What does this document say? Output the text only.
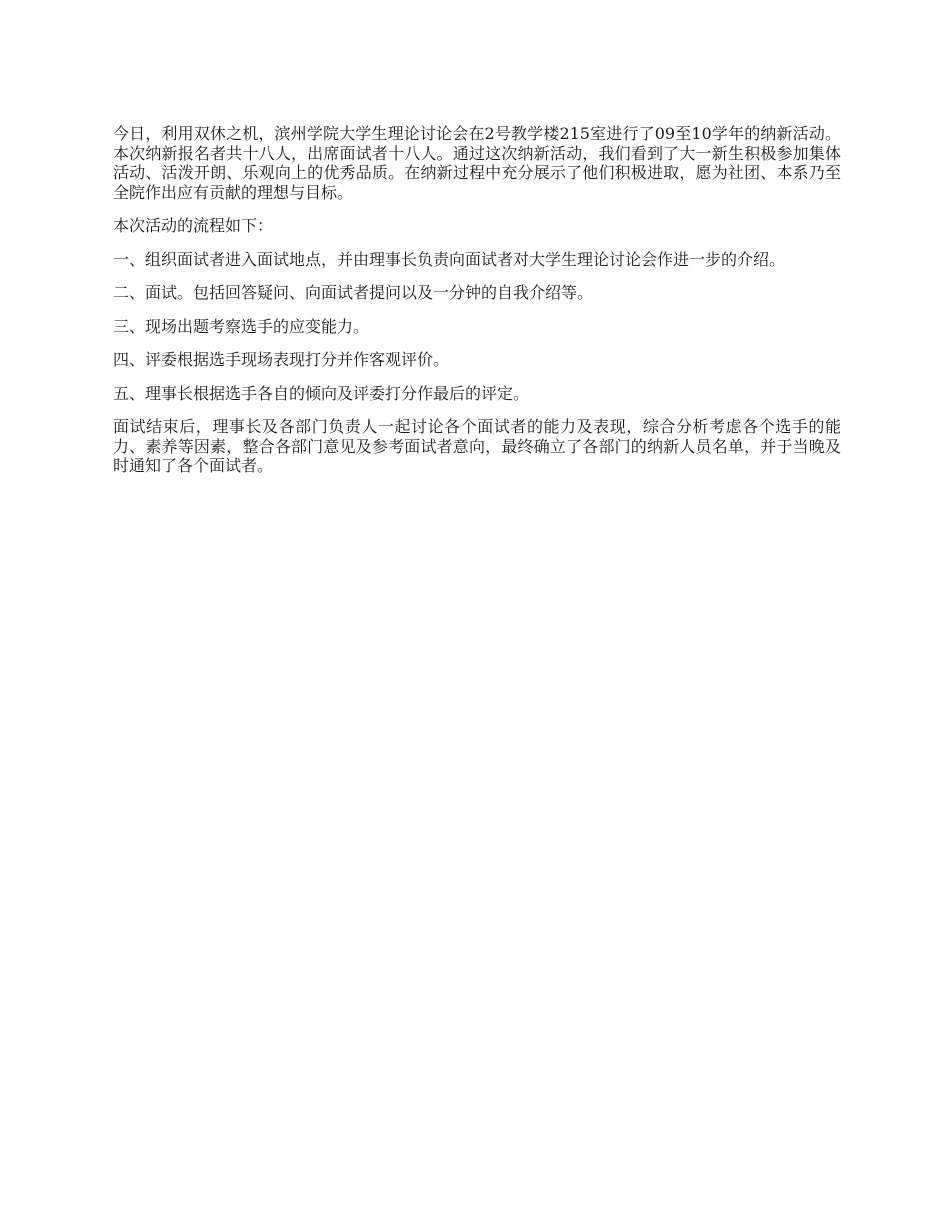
今日，利用双休之机，滨州学院大学生理论讨论会在2号教学楼215室进行了09至10学年的纳新活动。本次纳新报名者共十八人，出席面试者十八人。通过这次纳新活动，我们看到了大一新生积极参加集体活动、活泼开朗、乐观向上的优秀品质。在纳新过程中充分展示了他们积极进取，愿为社团、本系乃至全院作出应有贡献的理想与目标。

本次活动的流程如下：

一、组织面试者进入面试地点，并由理事长负责向面试者对大学生理论讨论会作进一步的介绍。

二、面试。包括回答疑问、向面试者提问以及一分钟的自我介绍等。

三、现场出题考察选手的应变能力。

四、评委根据选手现场表现打分并作客观评价。

五、理事长根据选手各自的倾向及评委打分作最后的评定。

面试结束后，理事长及各部门负责人一起讨论各个面试者的能力及表现，综合分析考虑各个选手的能力、素养等因素，整合各部门意见及参考面试者意向，最终确立了各部门的纳新人员名单，并于当晚及时通知了各个面试者。
